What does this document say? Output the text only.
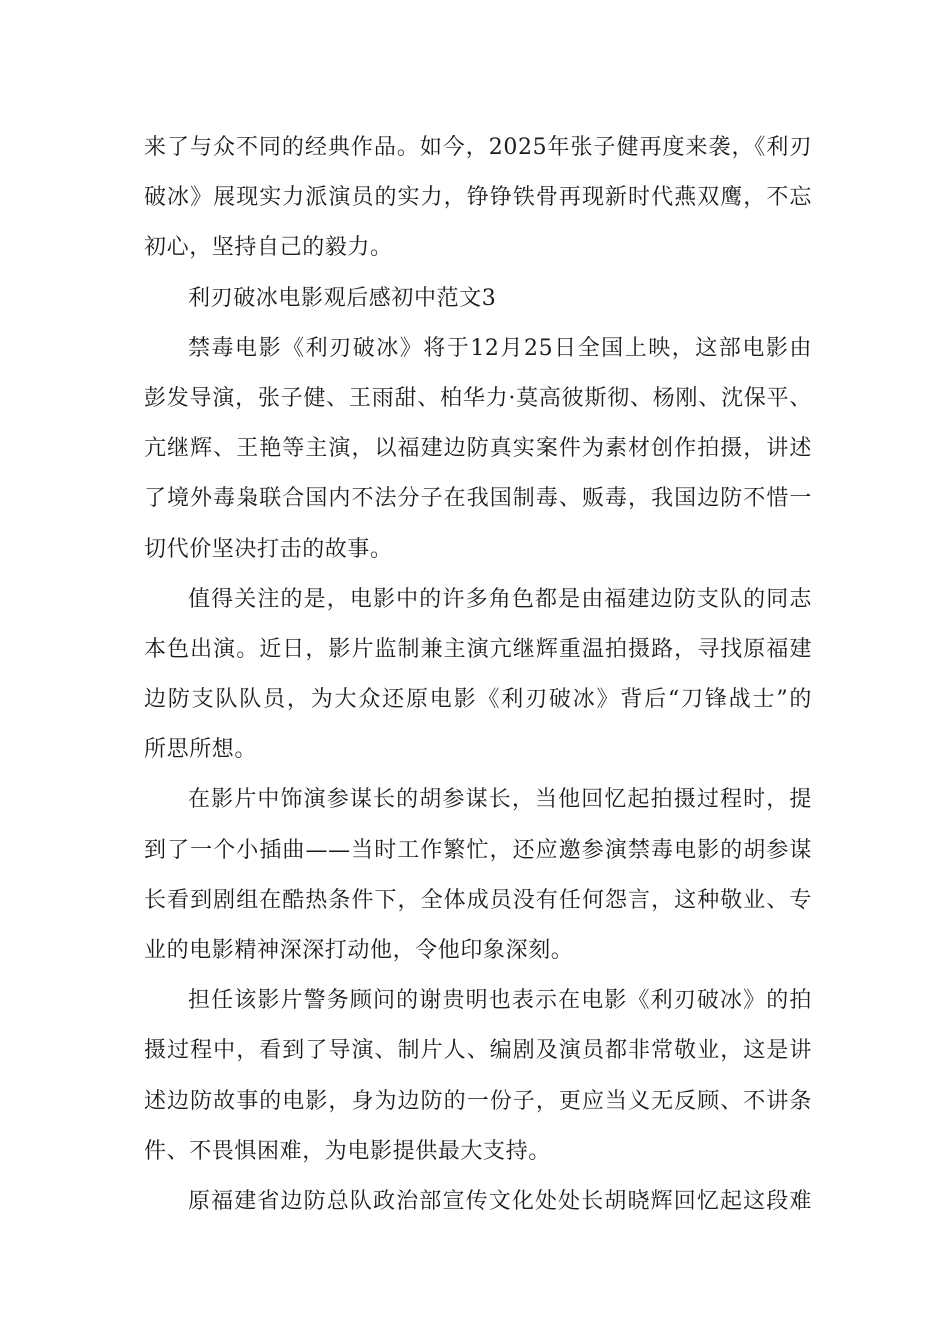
来了与众不同的经典作品。如今，2025年张子健再度来袭，《利刃
破冰》展现实力派演员的实力，铮铮铁骨再现新时代燕双鹰，不忘
初心，坚持自己的毅力。
利刃破冰电影观后感初中范文3
禁毒电影《利刃破冰》将于12月25日全国上映，这部电影由
彭发导演，张子健、王雨甜、柏华力·莫高彼斯彻、杨刚、沈保平、
亢继辉、王艳等主演，以福建边防真实案件为素材创作拍摄，讲述
了境外毒枭联合国内不法分子在我国制毒、贩毒，我国边防不惜一
切代价坚决打击的故事。
值得关注的是，电影中的许多角色都是由福建边防支队的同志
本色出演。近日，影片监制兼主演亢继辉重温拍摄路，寻找原福建
边防支队队员，为大众还原电影《利刃破冰》背后“刀锋战士”的
所思所想。
在影片中饰演参谋长的胡参谋长，当他回忆起拍摄过程时，提
到了一个小插曲——当时工作繁忙，还应邀参演禁毒电影的胡参谋
长看到剧组在酷热条件下，全体成员没有任何怨言，这种敬业、专
业的电影精神深深打动他，令他印象深刻。
担任该影片警务顾问的谢贵明也表示在电影《利刃破冰》的拍
摄过程中，看到了导演、制片人、编剧及演员都非常敬业，这是讲
述边防故事的电影，身为边防的一份子，更应当义无反顾、不讲条
件、不畏惧困难，为电影提供最大支持。
原福建省边防总队政治部宣传文化处处长胡晓辉回忆起这段难
